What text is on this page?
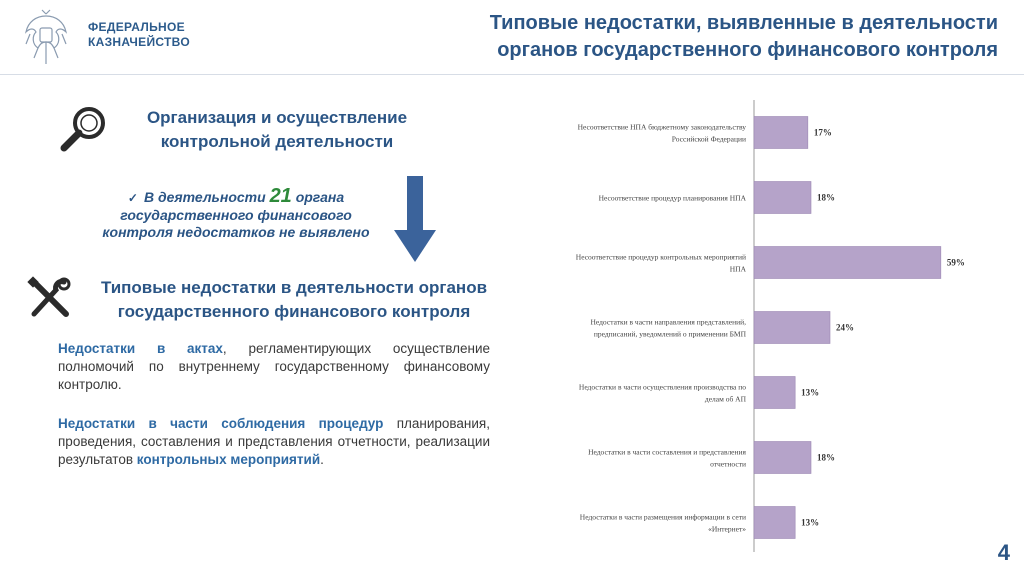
ФЕДЕРАЛЬНОЕ
КАЗНАЧЕЙСТВО
Типовые недостатки, выявленные в деятельности
органов государственного финансового контроля
Организация и осуществление
контрольной деятельности
✓ В деятельности 21 органа
государственного финансового
контроля недостатков не выявлено
Типовые недостатки в деятельности органов
государственного финансового контроля
Недостатки в актах, регламентирующих осуществление полномочий по внутреннему государственному финансовому контролю.
Недостатки в части соблюдения процедур планирования, проведения, составления и представления отчетности, реализации результатов контрольных мероприятий.
17%
Несоответствие НПА бюджетному законодательству
Российской Федерации
18%
Несоответствие процедур планирования НПА
59%
Несоответствие процедур контрольных мероприятий
НПА
24%
Недостатки в части направления представлений,
предписаний, уведомлений о применении БМП
13%
Недостатки в части осуществления производства по
делам об АП
18%
Недостатки в части составления и представления
отчетности
13%
Недостатки в части размещения информации в сети
«Интернет»
4
